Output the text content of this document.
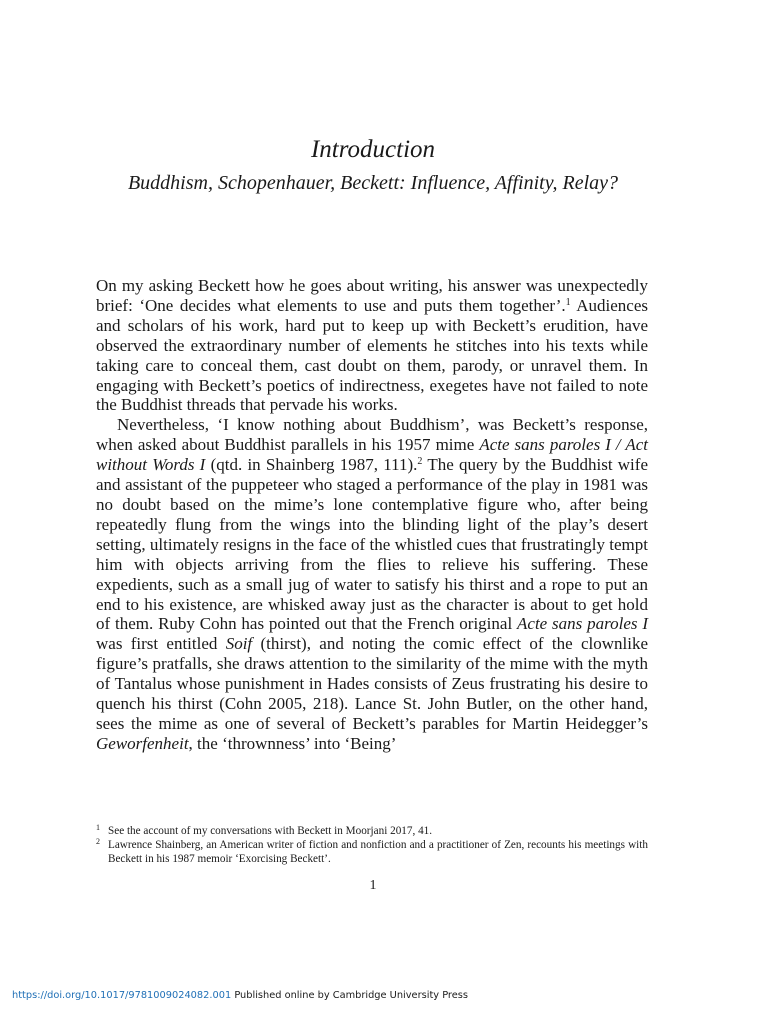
Introduction
Buddhism, Schopenhauer, Beckett: Influence, Affinity, Relay?

On my asking Beckett how he goes about writing, his answer was unexpectedly brief: ‘One decides what elements to use and puts them together’.$^1$ Audiences and scholars of his work, hard put to keep up with Beckett’s erudition, have observed the extraordinary number of elements he stitches into his texts while taking care to conceal them, cast doubt on them, parody, or unravel them. In engaging with Beckett’s poetics of indirectness, exegetes have not failed to note the Buddhist threads that pervade his works.

Nevertheless, ‘I know nothing about Buddhism’, was Beckett’s response, when asked about Buddhist parallels in his 1957 mime Acte sans paroles I / Act without Words I (qtd. in Shainberg 1987, 111).$^2$ The query by the Buddhist wife and assistant of the puppeteer who staged a performance of the play in 1981 was no doubt based on the mime’s lone contemplative figure who, after being repeatedly flung from the wings into the blinding light of the play’s desert setting, ultimately resigns in the face of the whistled cues that frustratingly tempt him with objects arriving from the flies to relieve his suffering. These expedients, such as a small jug of water to satisfy his thirst and a rope to put an end to his existence, are whisked away just as the character is about to get hold of them. Ruby Cohn has pointed out that the French original Acte sans paroles I was first entitled Soif (thirst), and noting the comic effect of the clownlike figure’s pratfalls, she draws attention to the similarity of the mime with the myth of Tantalus whose punishment in Hades consists of Zeus frustrating his desire to quench his thirst (Cohn 2005, 218). Lance St. John Butler, on the other hand, sees the mime as one of several of Beckett’s parables for Martin Heidegger’s Geworfenheit, the ‘thrownness’ into ‘Being’

1 See the account of my conversations with Beckett in Moorjani 2017, 41.

2 Lawrence Shainberg, an American writer of fiction and nonfiction and a practitioner of Zen, recounts his meetings with Beckett in his 1987 memoir ‘Exorcising Beckett’.

1
https://doi.org/10.1017/9781009024082.001 Published online by Cambridge University Press
